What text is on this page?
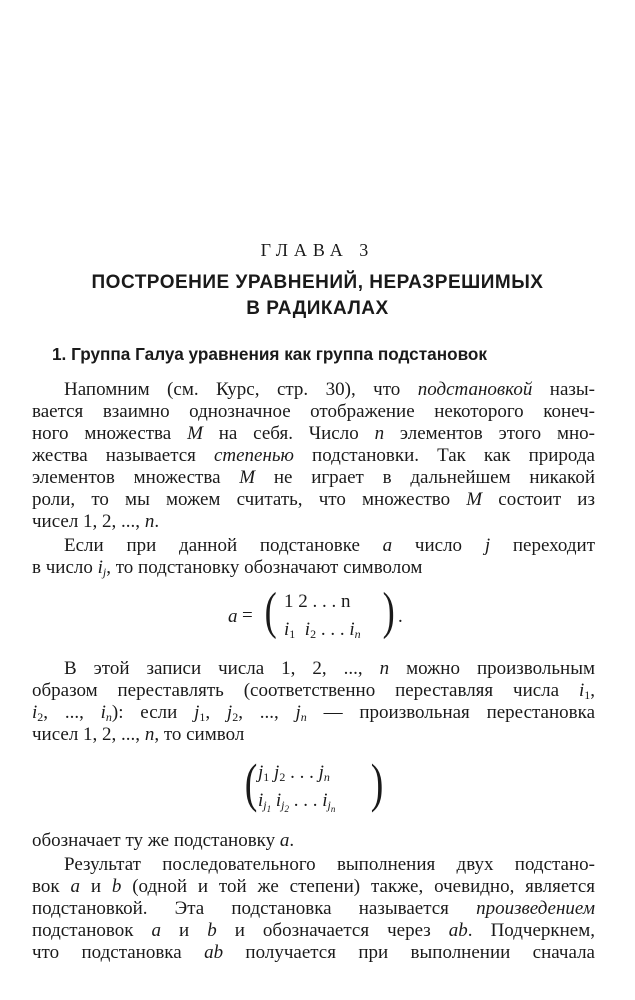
ГЛАВА 3
ПОСТРОЕНИЕ УРАВНЕНИЙ, НЕРАЗРЕШИМЫХ
В РАДИКАЛАХ
1. Группа Галуа уравнения как группа подстановок
Напомним (см. Курс, стр. 30), что подстановкой назы-
вается взаимно однозначное отображение некоторого конеч-
ного множества M на себя. Число n элементов этого мно-
жества называется степенью подстановки. Так как природа
элементов множества M не играет в дальнейшем никакой
роли, то мы можем считать, что множество M состоит из
чисел 1, 2, ..., n.
Если при данной подстановке a число j переходит
в число $i_j$, то подстановку обозначают символом
a = ( 1 2 . . . n
$i_1$ $i_2$ . . . $i_n$ ) .
В этой записи числа 1, 2, ..., n можно произвольным
образом переставлять (соответственно переставляя числа $i_1$,
$i_2$, ..., $i_n$): если $j_1$, $j_2$, ..., $j_n$ — произвольная перестановка
чисел 1, 2, ..., n, то символ
( $j_1$ $j_2$ . . . $j_n$
$i_{j_1}$ $i_{j_2}$ . . . $i_{j_n}$ )
обозначает ту же подстановку a.
Результат последовательного выполнения двух подстано-
вок a и b (одной и той же степени) также, очевидно, является
подстановкой. Эта подстановка называется произведением
подстановок a и b и обозначается через ab. Подчеркнем,
что подстановка ab получается при выполнении сначала
